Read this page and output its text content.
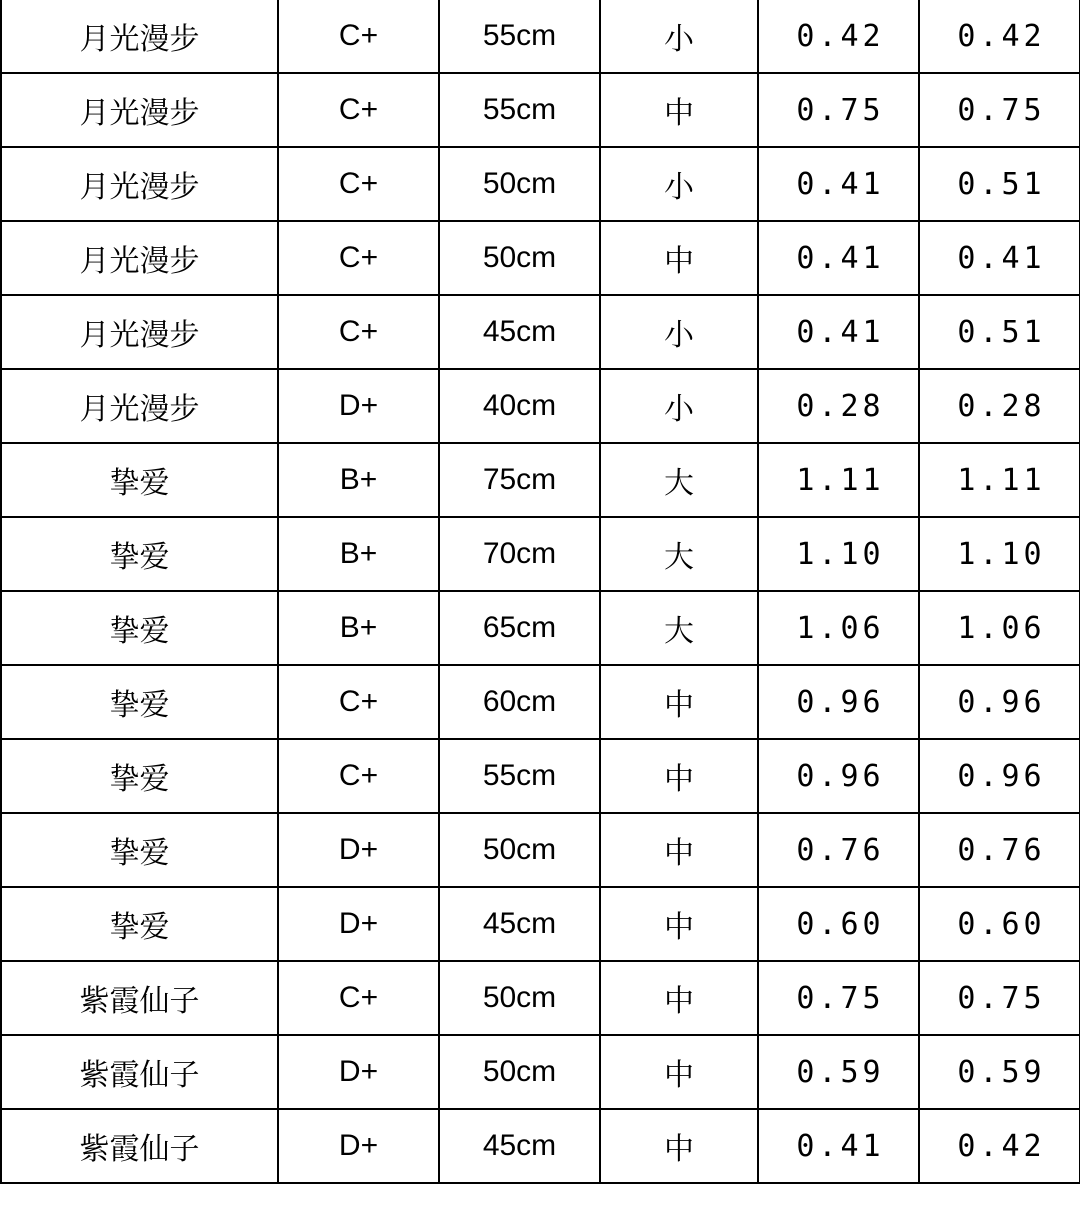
月光漫步	C+	55cm	小	0.42	0.42
月光漫步	C+	55cm	中	0.75	0.75
月光漫步	C+	50cm	小	0.41	0.51
月光漫步	C+	50cm	中	0.41	0.41
月光漫步	C+	45cm	小	0.41	0.51
月光漫步	D+	40cm	小	0.28	0.28
挚爱	B+	75cm	大	1.11	1.11
挚爱	B+	70cm	大	1.10	1.10
挚爱	B+	65cm	大	1.06	1.06
挚爱	C+	60cm	中	0.96	0.96
挚爱	C+	55cm	中	0.96	0.96
挚爱	D+	50cm	中	0.76	0.76
挚爱	D+	45cm	中	0.60	0.60
紫霞仙子	C+	50cm	中	0.75	0.75
紫霞仙子	D+	50cm	中	0.59	0.59
紫霞仙子	D+	45cm	中	0.41	0.42
